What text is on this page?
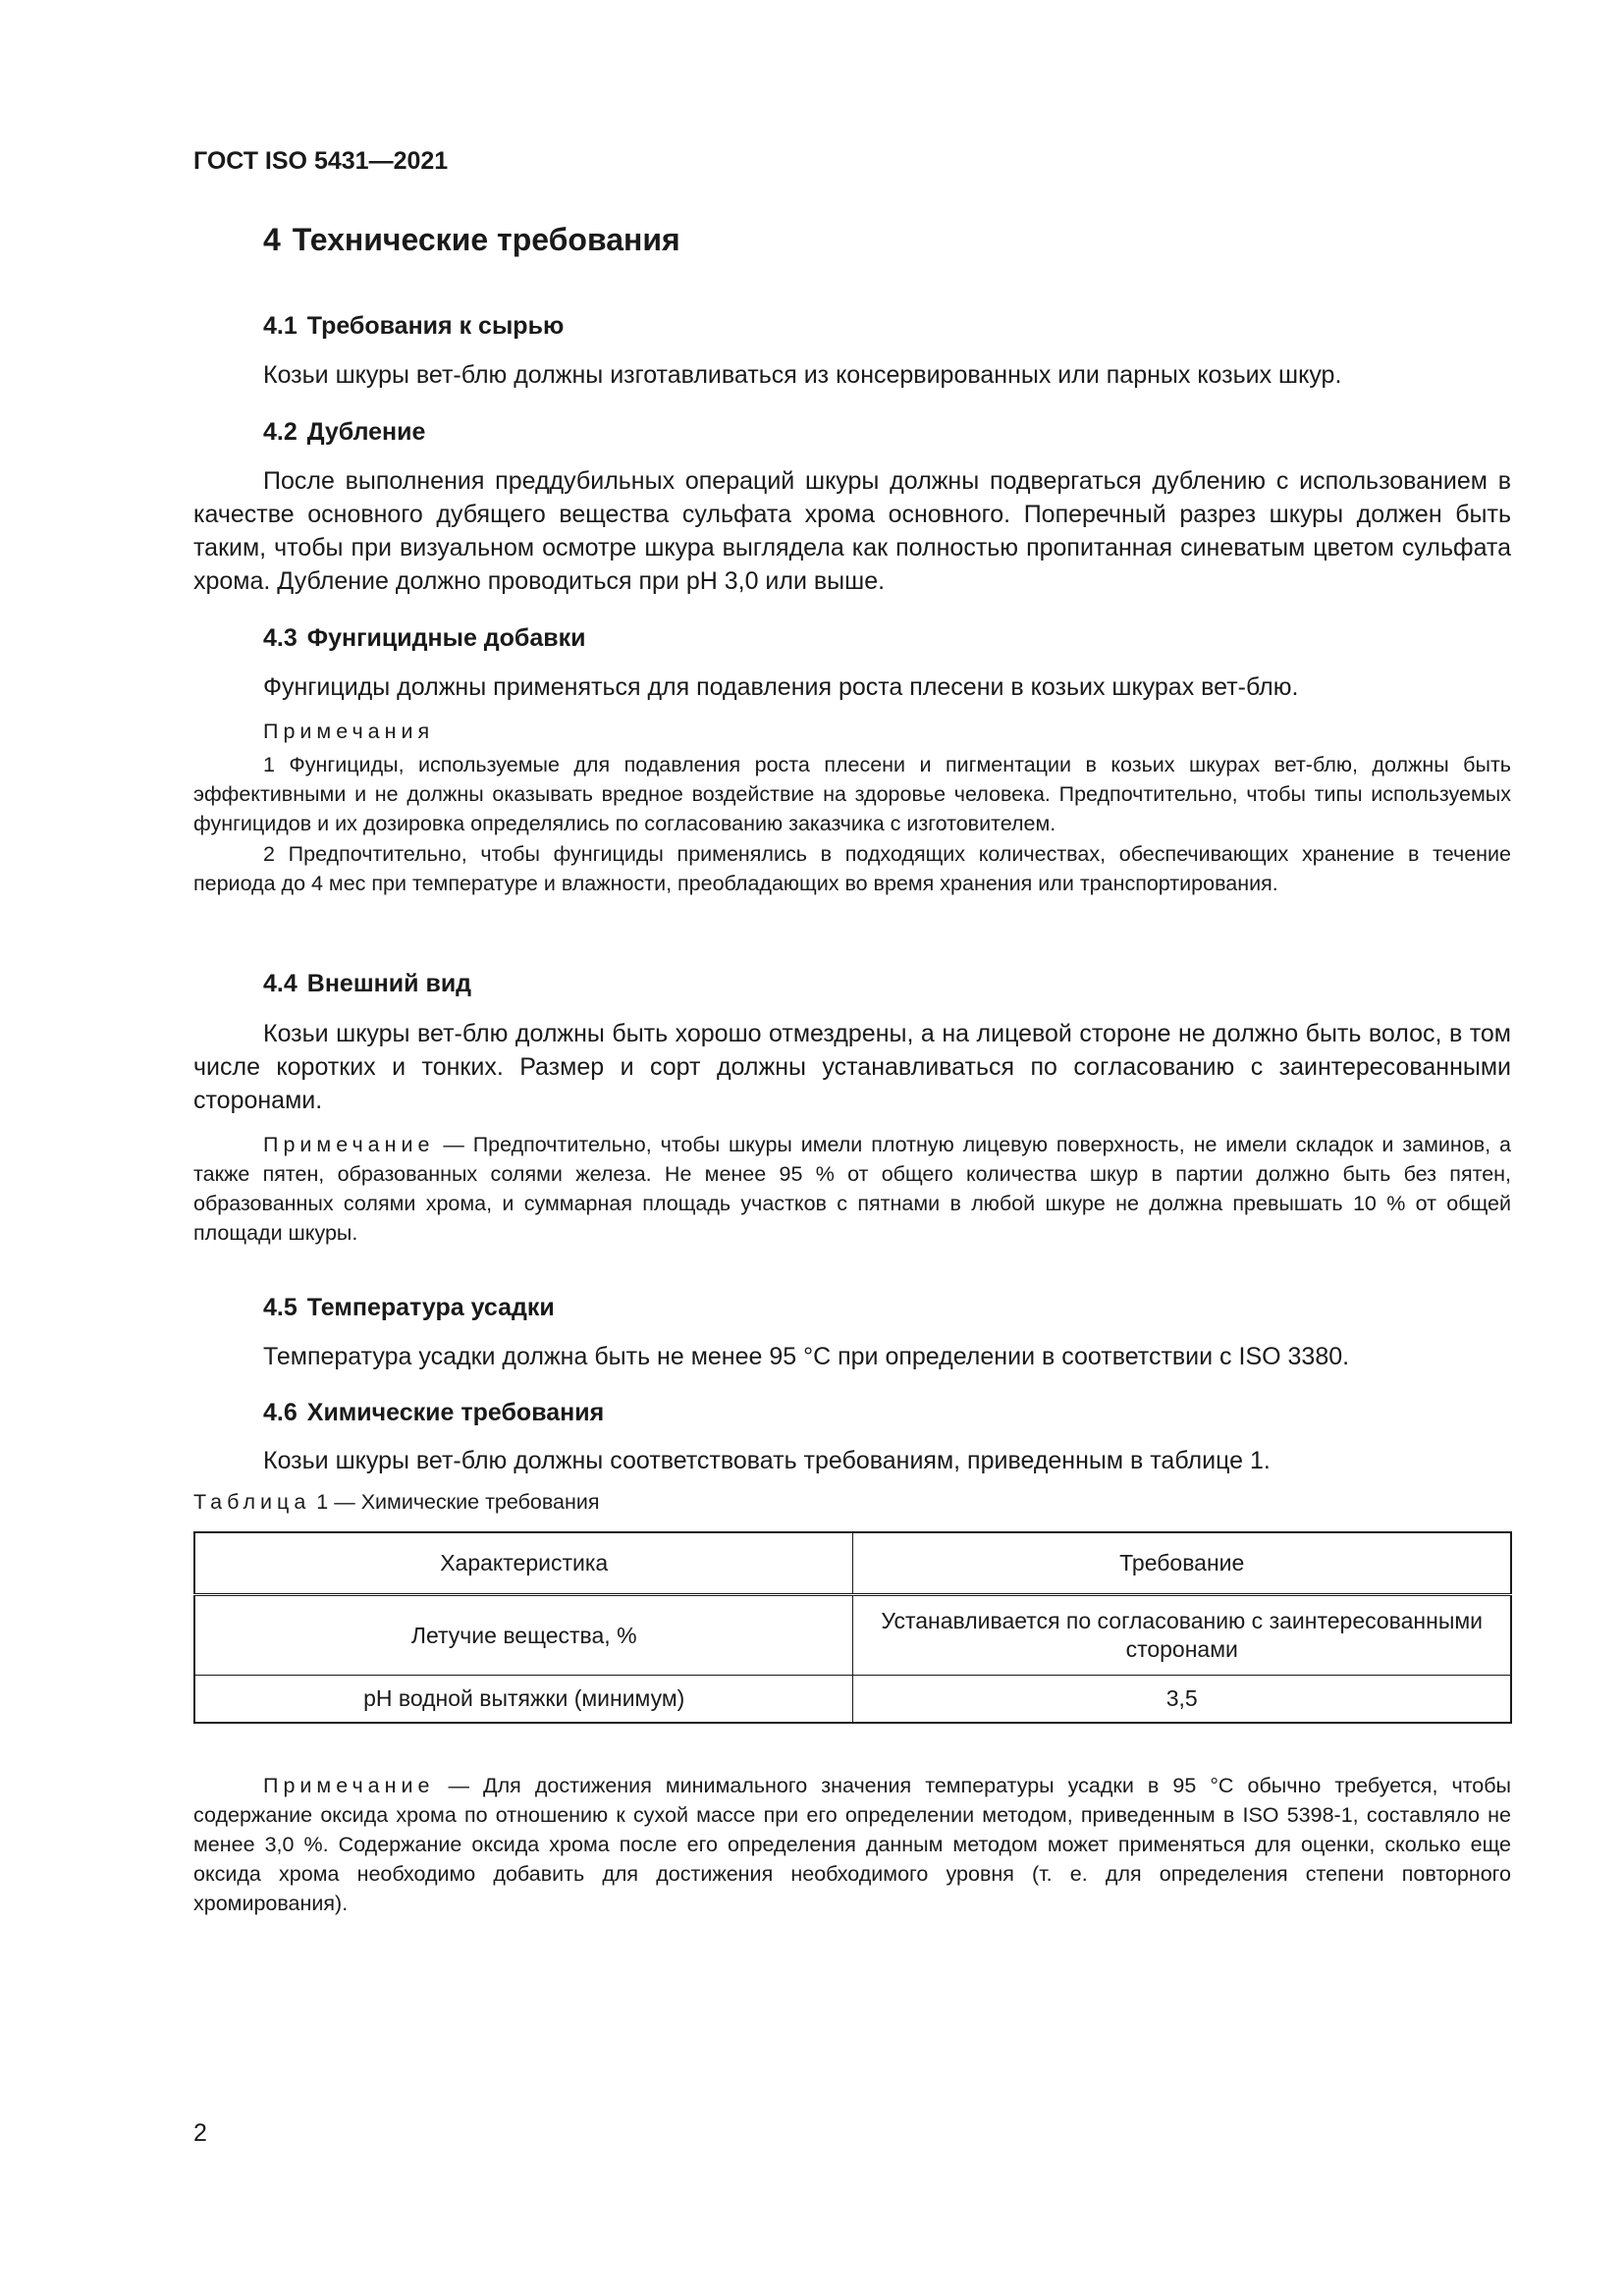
ГОСТ ISO 5431—2021
4 Технические требования
4.1 Требования к сырью
Козьи шкуры вет-блю должны изготавливаться из консервированных или парных козьих шкур.
4.2 Дубление
После выполнения преддубильных операций шкуры должны подвергаться дублению с использованием в качестве основного дубящего вещества сульфата хрома основного. Поперечный разрез шкуры должен быть таким, чтобы при визуальном осмотре шкура выглядела как полностью пропитанная синеватым цветом сульфата хрома. Дубление должно проводиться при pH 3,0 или выше.
4.3 Фунгицидные добавки
Фунгициды должны применяться для подавления роста плесени в козьих шкурах вет-блю.
Примечания
1 Фунгициды, используемые для подавления роста плесени и пигментации в козьих шкурах вет-блю, должны быть эффективными и не должны оказывать вредное воздействие на здоровье человека. Предпочтительно, чтобы типы используемых фунгицидов и их дозировка определялись по согласованию заказчика с изготовителем.
2 Предпочтительно, чтобы фунгициды применялись в подходящих количествах, обеспечивающих хранение в течение периода до 4 мес при температуре и влажности, преобладающих во время хранения или транспортирования.
4.4 Внешний вид
Козьи шкуры вет-блю должны быть хорошо отмездрены, а на лицевой стороне не должно быть волос, в том числе коротких и тонких. Размер и сорт должны устанавливаться по согласованию с заинтересованными сторонами.
Примечание — Предпочтительно, чтобы шкуры имели плотную лицевую поверхность, не имели складок и заминов, а также пятен, образованных солями железа. Не менее 95 % от общего количества шкур в партии должно быть без пятен, образованных солями хрома, и суммарная площадь участков с пятнами в любой шкуре не должна превышать 10 % от общей площади шкуры.
4.5 Температура усадки
Температура усадки должна быть не менее 95 °С при определении в соответствии с ISO 3380.
4.6 Химические требования
Козьи шкуры вет-блю должны соответствовать требованиям, приведенным в таблице 1.
Таблица 1 — Химические требования
Характеристика	Требование
Летучие вещества, %	Устанавливается по согласованию с заинтересованными сторонами
pH водной вытяжки (минимум)	3,5
Примечание — Для достижения минимального значения температуры усадки в 95 °С обычно требуется, чтобы содержание оксида хрома по отношению к сухой массе при его определении методом, приведенным в ISO 5398-1, составляло не менее 3,0 %. Содержание оксида хрома после его определения данным методом может применяться для оценки, сколько еще оксида хрома необходимо добавить для достижения необходимого уровня (т. е. для определения степени повторного хромирования).
2
